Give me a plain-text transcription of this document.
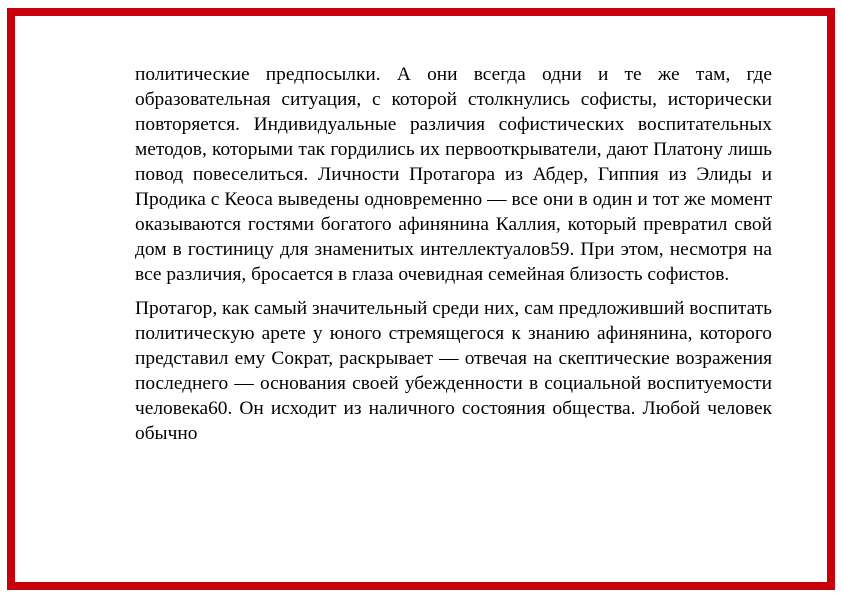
политические предпосылки. А они всегда одни и те же там, где образовательная ситуация, с которой столкнулись софисты, исторически повторяется. Индивидуальные различия софистических воспитательных методов, которыми так гордились их первооткрыватели, дают Платону лишь повод повеселиться. Личности Протагора из Абдер, Гиппия из Элиды и Продика с Кеоса выведены одновременно — все они в один и тот же момент оказываются гостями богатого афинянина Каллия, который превратил свой дом в гостиницу для знаменитых интеллектуалов59. При этом, несмотря на все различия, бросается в глаза очевидная семейная близость софистов.

Протагор, как самый значительный среди них, сам предложивший воспитать политическую арете у юного стремящегося к знанию афинянина, которого представил ему Сократ, раскрывает — отвечая на скептические возражения последнего — основания своей убежденности в социальной воспитуемости человека60. Он исходит из наличного состояния общества. Любой человек обычно
